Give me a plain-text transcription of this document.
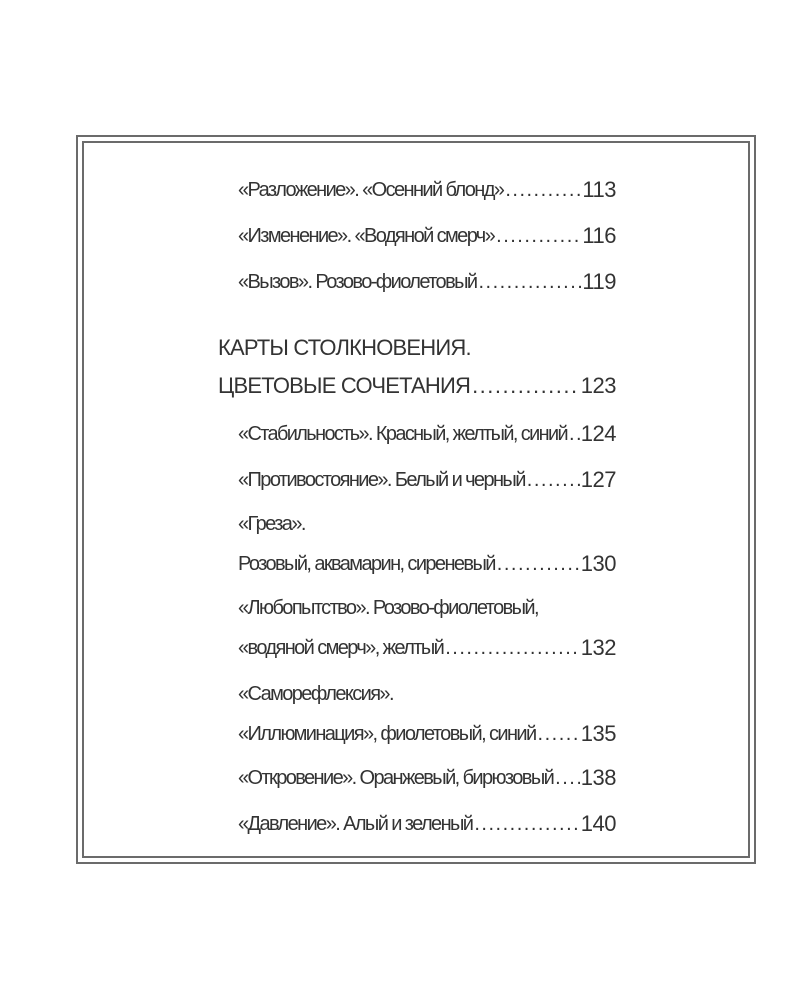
«Разложение». «Осенний блонд» .....	113
«Изменение». «Водяной смерч» .....	116
«Вызов». Розово-фиолетовый .....	119
КАРТЫ СТОЛКНОВЕНИЯ.
ЦВЕТОВЫЕ СОЧЕТАНИЯ .....	123
«Стабильность». Красный, желтый, синий ..... 124
«Противостояние». Белый и черный .....	127
«Греза».
Розовый, аквамарин, сиреневый .....	130
«Любопытство». Розово-фиолетовый,
«водяной смерч», желтый .....	132
«Саморефлексия».
«Иллюминация», фиолетовый, синий ..... 135
«Откровение». Оранжевый, бирюзовый ..... 138
«Давление». Алый и зеленый .....	140
